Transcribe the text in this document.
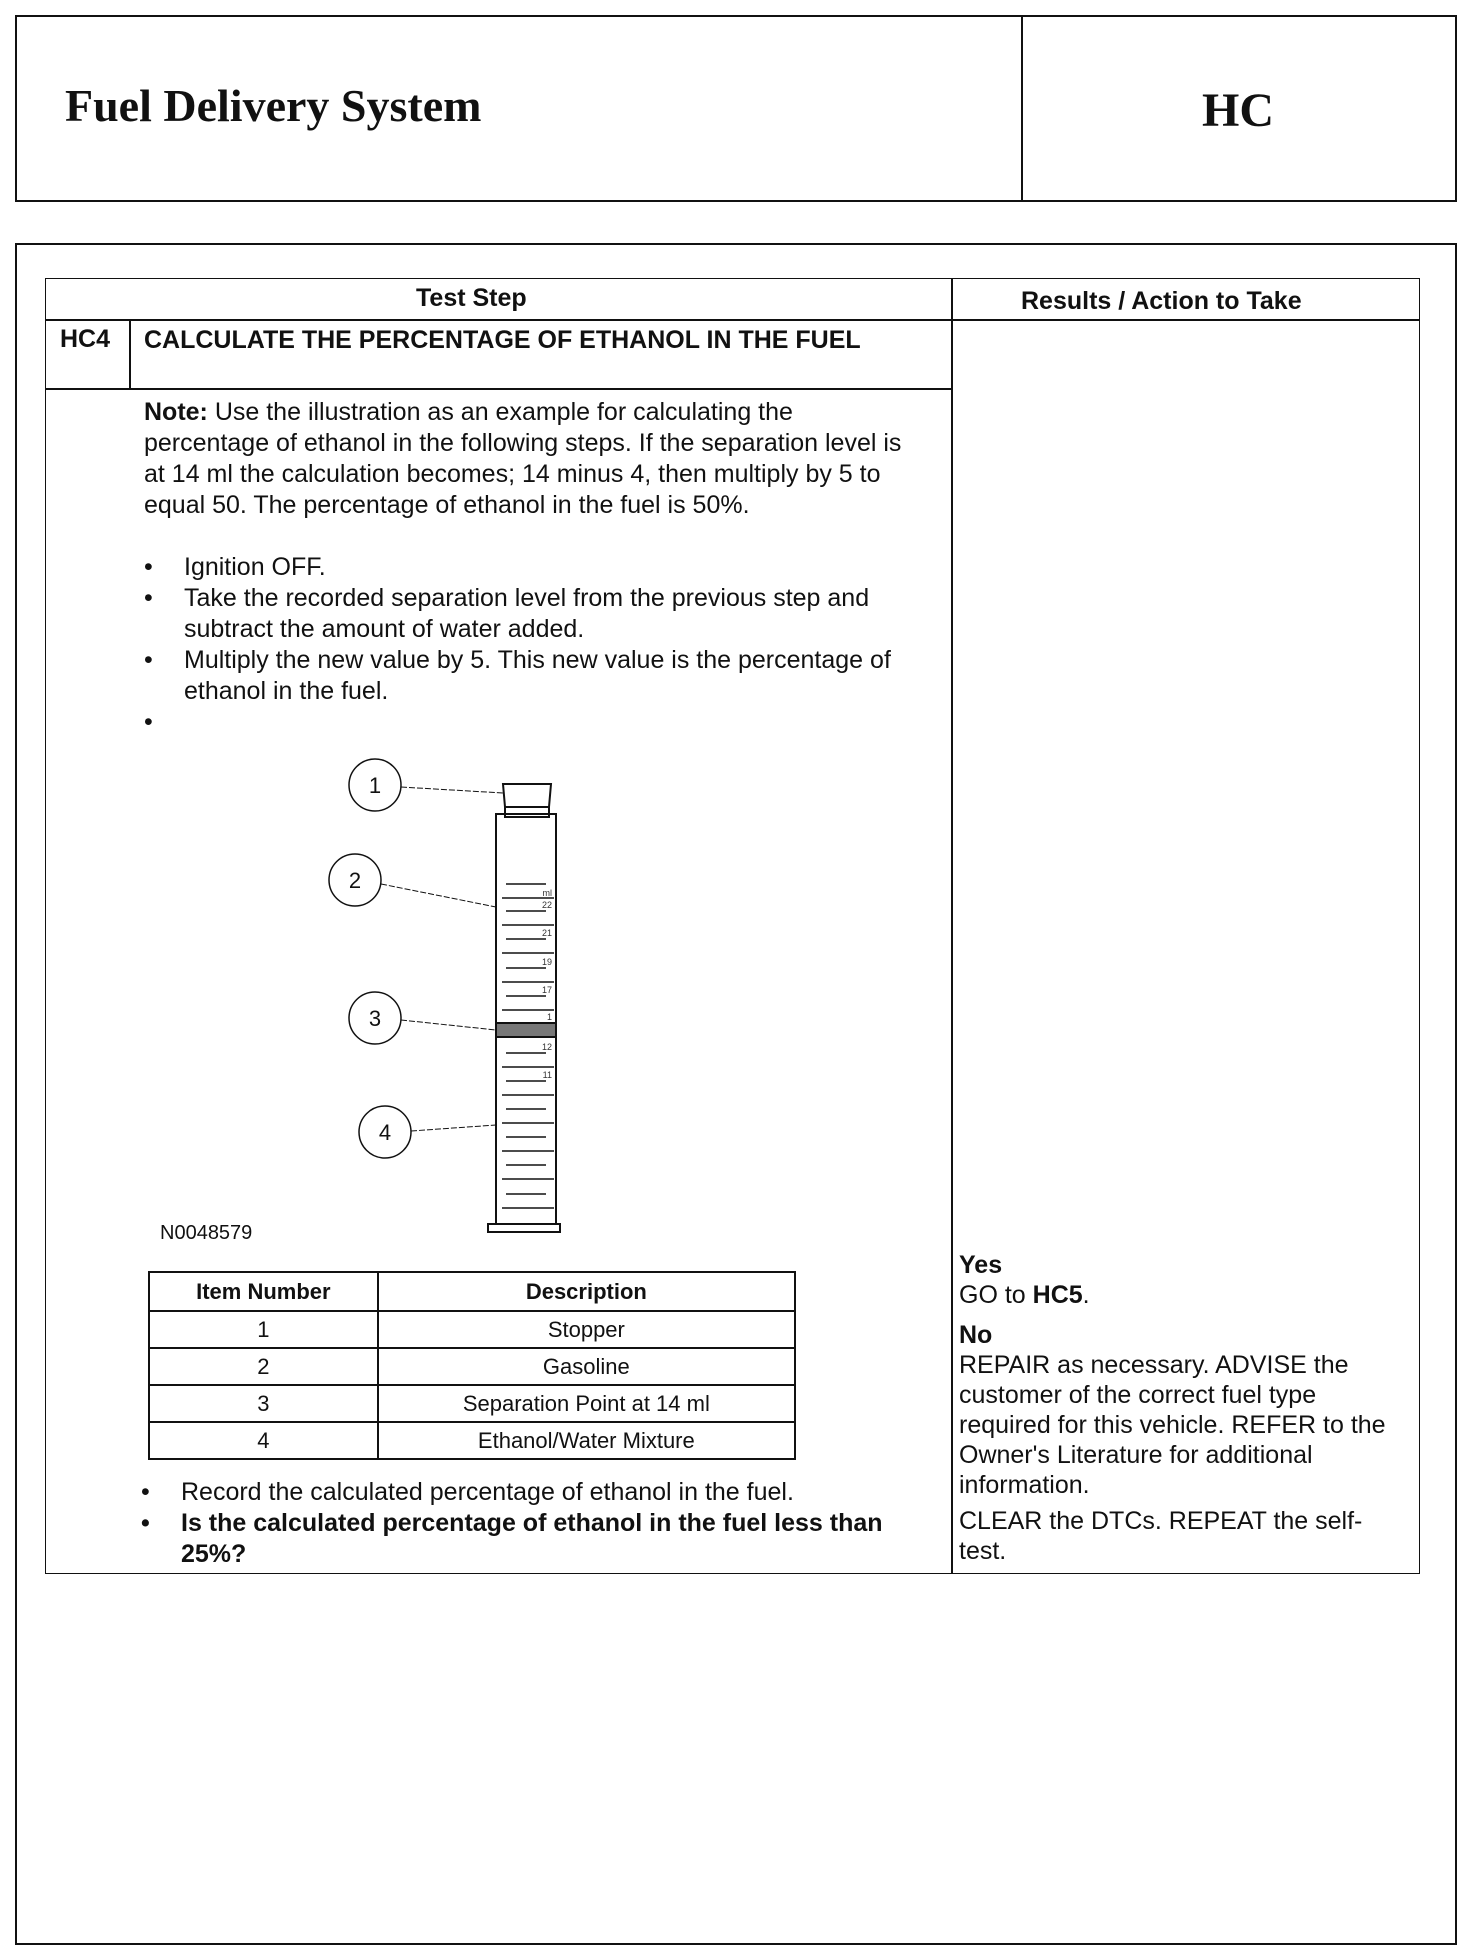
Fuel Delivery System	HC
Test Step	Results / Action to Take
HC4 CALCULATE THE PERCENTAGE OF ETHANOL IN THE FUEL
Note: Use the illustration as an example for calculating the percentage of ethanol in the following steps. If the separation level is at 14 ml the calculation becomes; 14 minus 4, then multiply by 5 to equal 50. The percentage of ethanol in the fuel is 50%.
• Ignition OFF.
• Take the recorded separation level from the previous step and subtract the amount of water added.
• Multiply the new value by 5. This new value is the percentage of ethanol in the fuel.
•
1
2
3
4
ml
22
21
19
17
1
12
11
N0048579
Item Number	Description
1	Stopper
2	Gasoline
3	Separation Point at 14 ml
4	Ethanol/Water Mixture
• Record the calculated percentage of ethanol in the fuel.
• Is the calculated percentage of ethanol in the fuel less than 25%?
Yes
GO to HC5.
No
REPAIR as necessary. ADVISE the customer of the correct fuel type required for this vehicle. REFER to the Owner's Literature for additional information.
CLEAR the DTCs. REPEAT the self-test.
